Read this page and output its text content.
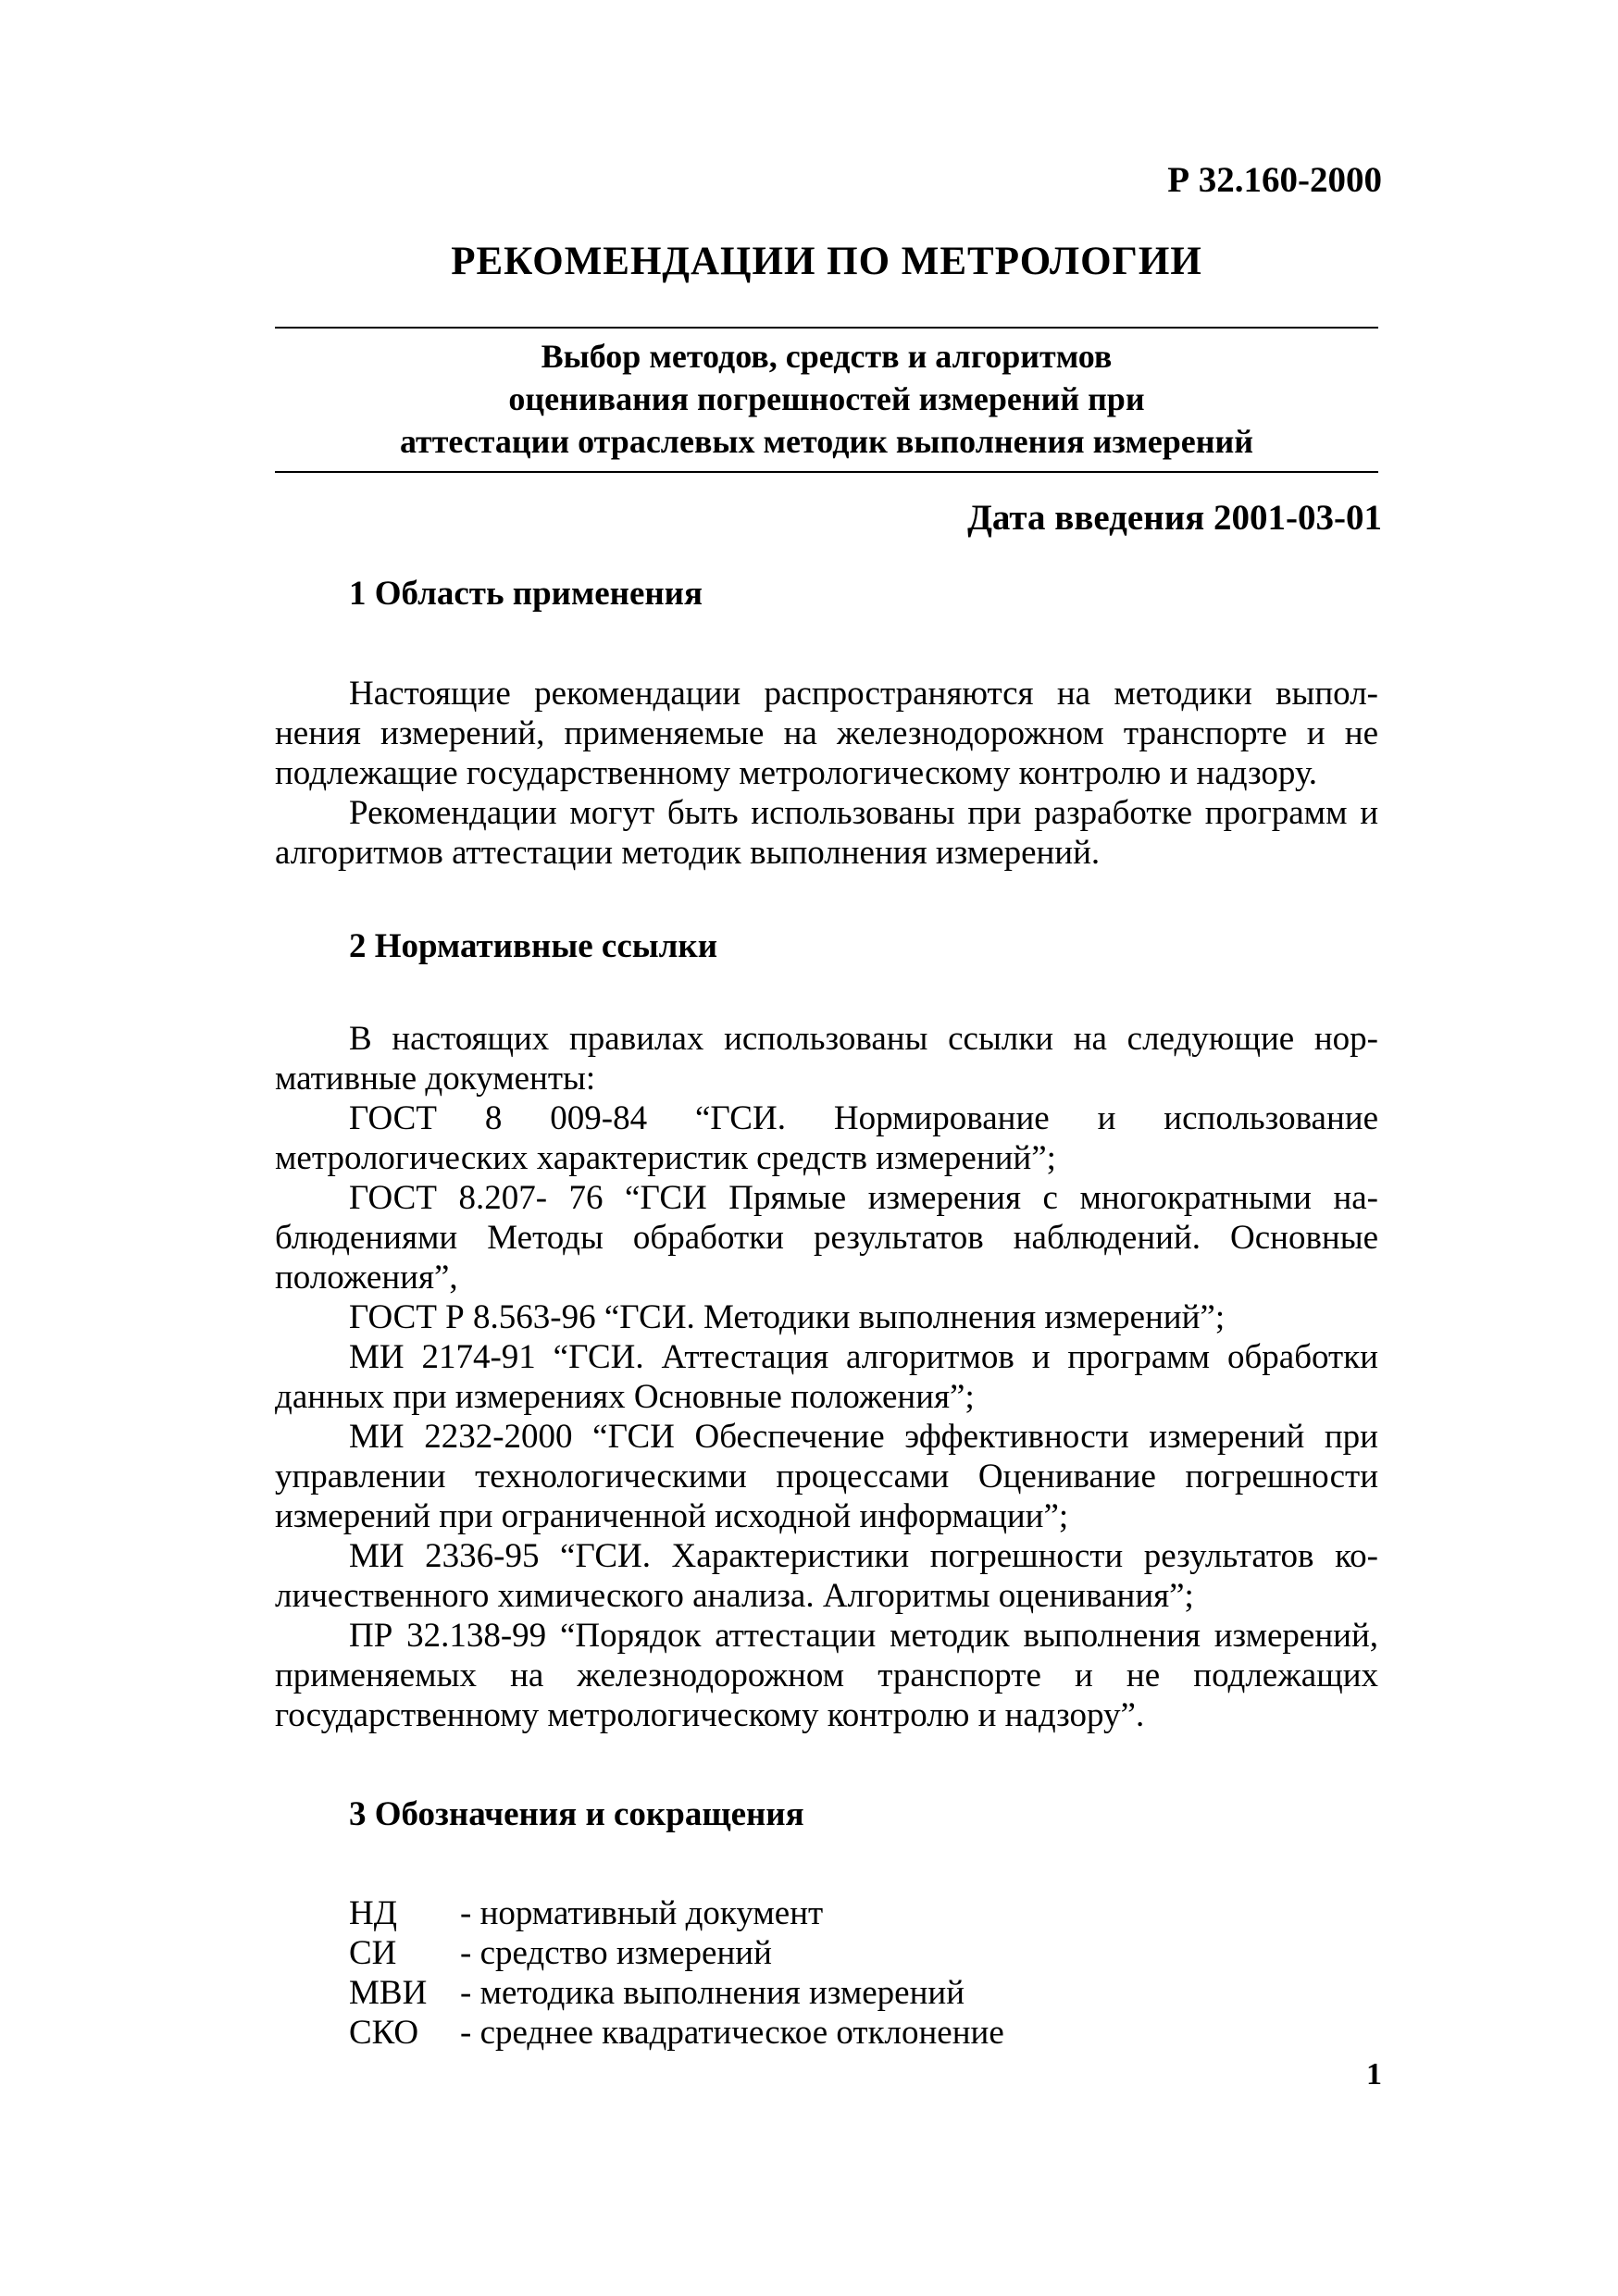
Р 32.160-2000
РЕКОМЕНДАЦИИ ПО МЕТРОЛОГИИ
Выбор методов, средств и алгоритмов
оценивания погрешностей измерений при
аттестации отраслевых методик выполнения измерений
Дата введения 2001-03-01
1 Область применения

Настоящие рекомендации распространяются на методики выполнения измерений, применяемые на железнодорожном транспорте и не подлежащие государственному метрологическому контролю и надзору.

Рекомендации могут быть использованы при разработке программ и алгоритмов аттестации методик выполнения измерений.

2 Нормативные ссылки

В настоящих правилах использованы ссылки на следующие нормативные документы:

ГОСТ 8 009-84 “ГСИ. Нормирование и использование метрологических характеристик средств измерений”;

ГОСТ 8.207- 76 “ГСИ Прямые измерения с многократными наблюдениями Методы обработки результатов наблюдений. Основные положения”,

ГОСТ Р 8.563-96 “ГСИ. Методики выполнения измерений”;

МИ 2174-91 “ГСИ. Аттестация алгоритмов и программ обработки данных при измерениях Основные положения”;

МИ 2232-2000 “ГСИ Обеспечение эффективности измерений при управлении технологическими процессами Оценивание погрешности измерений при ограниченной исходной информации”;

МИ 2336-95 “ГСИ. Характеристики погрешности результатов количественного химического анализа. Алгоритмы оценивания”;

ПР 32.138-99 “Порядок аттестации методик выполнения измерений, применяемых на железнодорожном транспорте и не подлежащих государственному метрологическому контролю и надзору”.

3 Обозначения и сокращения
НД	- нормативный документ
СИ	- средство измерений
МВИ - методика выполнения измерений
СКО	- среднее квадратическое отклонение
1
